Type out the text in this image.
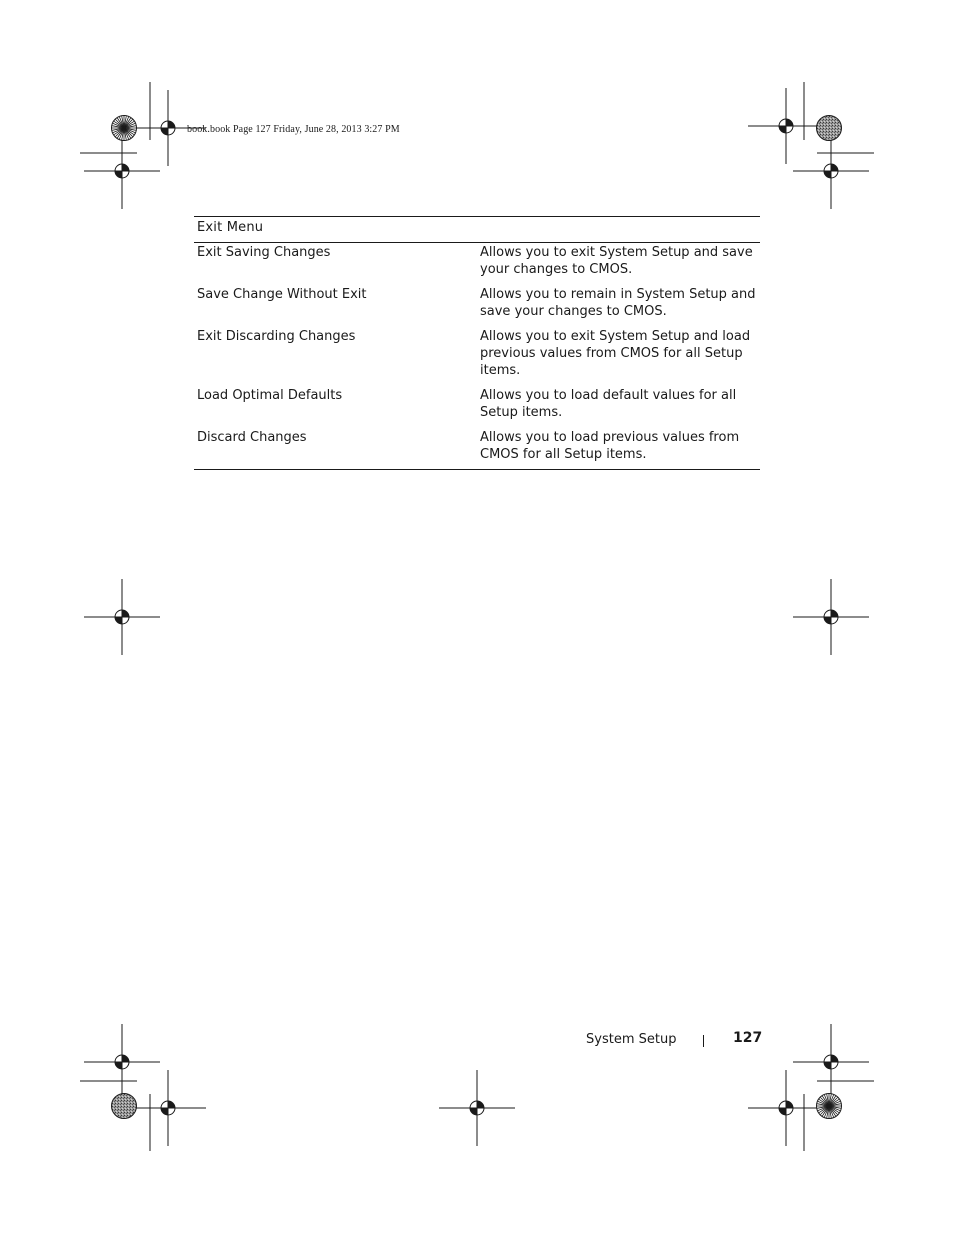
book.book Page 127 Friday, June 28, 2013 3:27 PM
Exit Menu	
Exit Saving Changes	Allows you to exit System Setup and save your changes to CMOS.
Save Change Without Exit	Allows you to remain in System Setup and save your changes to CMOS.
Exit Discarding Changes	Allows you to exit System Setup and load previous values from CMOS for all Setup items.
Load Optimal Defaults	Allows you to load default values for all Setup items.
Discard Changes	Allows you to load previous values from CMOS for all Setup items.
System Setup	127
